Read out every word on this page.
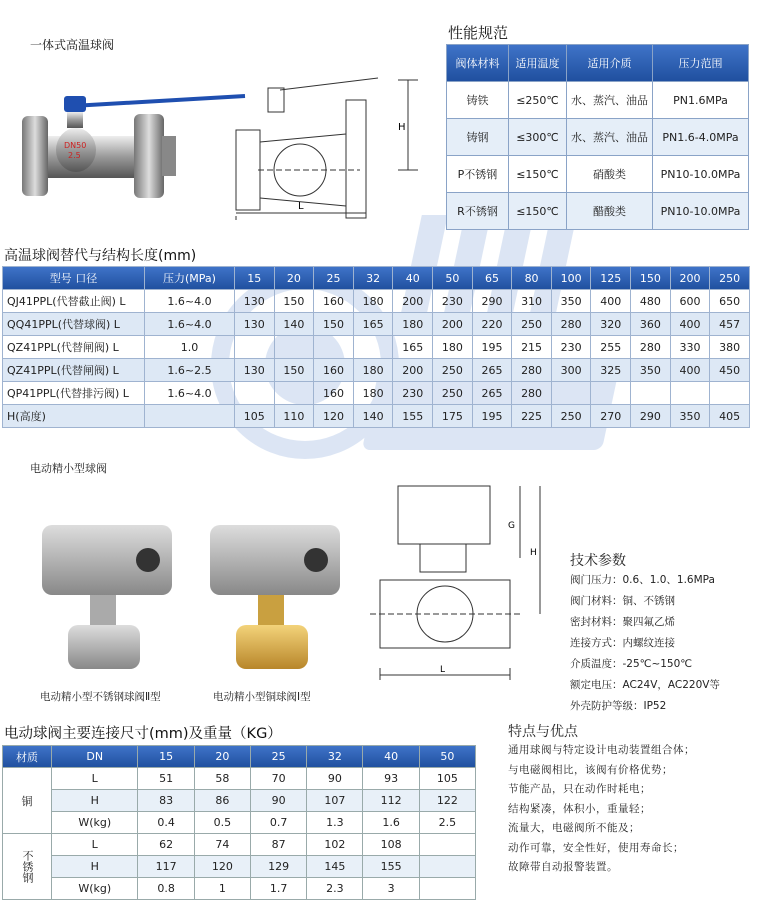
一体式高温球阀
DN50
2.5
L
H
性能规范
阀体材料	适用温度	适用介质	压力范围
铸铁	≤250℃	水、蒸汽、油品	PN1.6MPa
铸钢	≤300℃	水、蒸汽、油品	PN1.6-4.0MPa
P不锈钢	≤150℃	硝酸类	PN10-10.0MPa
R不锈钢	≤150℃	醋酸类	PN10-10.0MPa
高温球阀替代与结构长度(mm)
型号 口径	压力(MPa)	15	20	25	32	40	50	65	80	100	125	150	200	250
QJ41PPL(代替截止阀) L	1.6~4.0	130	150	160	180	200	230	290	310	350	400	480	600	650
QQ41PPL(代替球阀) L	1.6~4.0	130	140	150	165	180	200	220	250	280	320	360	400	457
QZ41PPL(代替闸阀) L	1.0					165	180	195	215	230	255	280	330	380
QZ41PPL(代替闸阀) L	1.6~2.5	130	150	160	180	200	250	265	280	300	325	350	400	450
QP41PPL(代替排污阀) L	1.6~4.0			160	180	230	250	265	280					
H(高度)		105	110	120	140	155	175	195	225	250	270	290	350	405
电动精小型球阀
电动精小型不锈钢球阀Ⅱ型	电动精小型铜球阀Ⅰ型
G
H
L
技术参数

阀门压力：0.6、1.0、1.6MPa

阀门材料：铜、不锈钢

密封材料：聚四氟乙烯

连接方式：内螺纹连接

介质温度：-25℃~150℃

额定电压：AC24V，AC220V等

外壳防护等级：IP52

电动球阀主要连接尺寸(mm)及重量（KG）
材质	DN	15	20	25	32	40	50
铜	L	51	58	70	90	93	105
	H	83	86	90	107	112	122
	W(kg)	0.4	0.5	0.7	1.3	1.6	2.5
不锈钢	L	62	74	87	102	108	
	H	117	120	129	145	155	
	W(kg)	0.8	1	1.7	2.3	3	
特点与优点

通用球阀与特定设计电动装置组合体；

与电磁阀相比，该阀有价格优势；

节能产品，只在动作时耗电；

结构紧凑，体积小，重量轻；

流量大，电磁阀所不能及；

动作可靠，安全性好，使用寿命长；

故障带自动报警装置。
